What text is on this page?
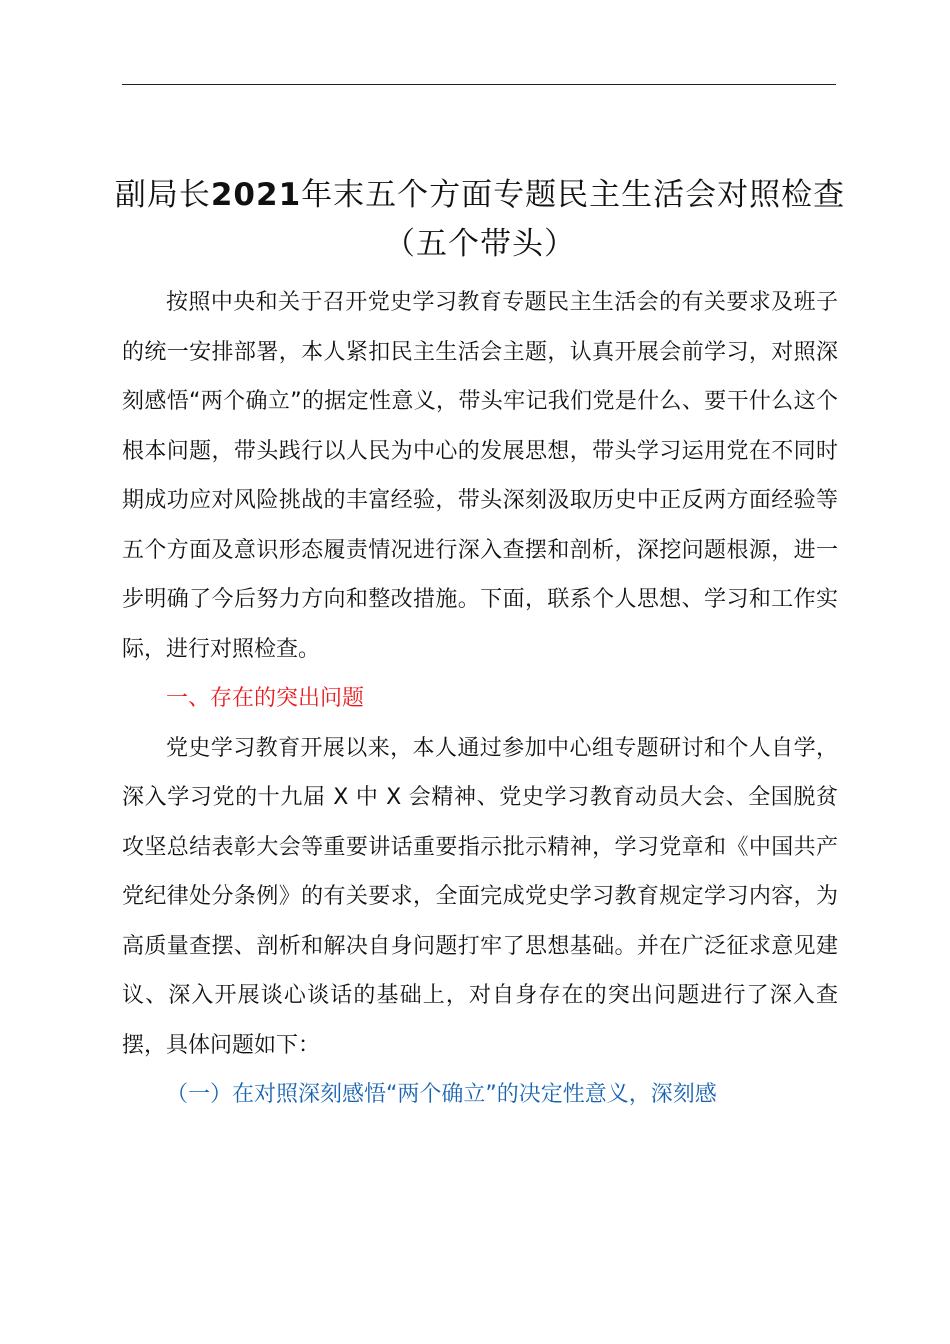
副局长2021年末五个方面专题民主生活会对照检查（五个带头）

按照中央和关于召开党史学习教育专题民主生活会的有关要求及班子的统一安排部署，本人紧扣民主生活会主题，认真开展会前学习，对照深刻感悟“两个确立”的据定性意义，带头牢记我们党是什么、要干什么这个根本问题，带头践行以人民为中心的发展思想，带头学习运用党在不同时期成功应对风险挑战的丰富经验，带头深刻汲取历史中正反两方面经验等五个方面及意识形态履责情况进行深入查摆和剖析，深挖问题根源，进一步明确了今后努力方向和整改措施。下面，联系个人思想、学习和工作实际，进行对照检查。

一、存在的突出问题

党史学习教育开展以来，本人通过参加中心组专题研讨和个人自学，深入学习党的十九届 X 中 X 会精神、党史学习教育动员大会、全国脱贫攻坚总结表彰大会等重要讲话重要指示批示精神，学习党章和《中国共产党纪律处分条例》的有关要求，全面完成党史学习教育规定学习内容，为高质量查摆、剖析和解决自身问题打牢了思想基础。并在广泛征求意见建议、深入开展谈心谈话的基础上，对自身存在的突出问题进行了深入查摆，具体问题如下：

（一）在对照深刻感悟“两个确立”的决定性意义，深刻感
